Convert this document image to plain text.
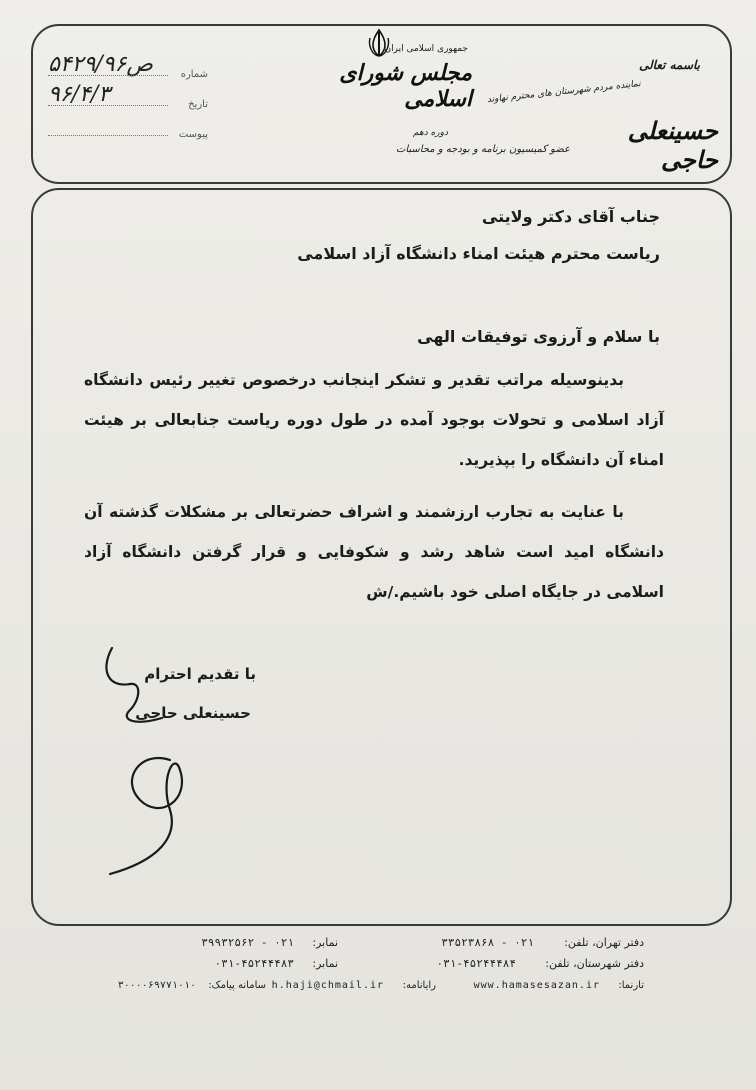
ص۵۴۲۹/۹۶	شماره
۹۶/۴/۳	تاریخ
پیوست
جمهوری اسلامی ایران
مجلس شورای اسلامی
باسمه تعالی
نماینده مردم شهرستان های محترم نهاوند
حسینعلی حاجی
دوره دهم
عضو کمیسیون برنامه و بودجه و محاسبات
جناب آقای دکتر ولایتی
ریاست محترم هیئت امناء دانشگاه آزاد اسلامی
با سلام و آرزوی توفیقات الهی
بدینوسیله مراتب تقدیر و تشکر اینجانب درخصوص تغییر رئیس دانشگاه آزاد اسلامی و تحولات بوجود آمده در طول دوره ریاست جنابعالی بر هیئت امناء آن دانشگاه را بپذیرید.
با عنایت به تجارب ارزشمند و اشراف حضرتعالی بر مشکلات گذشته آن دانشگاه امید است شاهد رشد و شکوفایی و قرار گرفتن دانشگاه آزاد اسلامی در جایگاه اصلی خود باشیم./ش
با تقدیم احترام
حسینعلی حاجی
دفتر تهران، تلفن:
۰۲۱ - ۳۳۵۲۳۸۶۸
نمابر:
۰۲۱ - ۳۹۹۳۲۵۶۲
دفتر شهرستان، تلفن:
۰۳۱-۴۵۲۴۴۴۸۴
نمابر:
۰۳۱-۴۵۲۴۴۴۸۳
تارنما:
www.hamasesazan.ir
رایانامه:
h.haji@chmail.ir
سامانه پیامک:
۳۰۰۰۰۶۹۷۷۱۰۱۰
